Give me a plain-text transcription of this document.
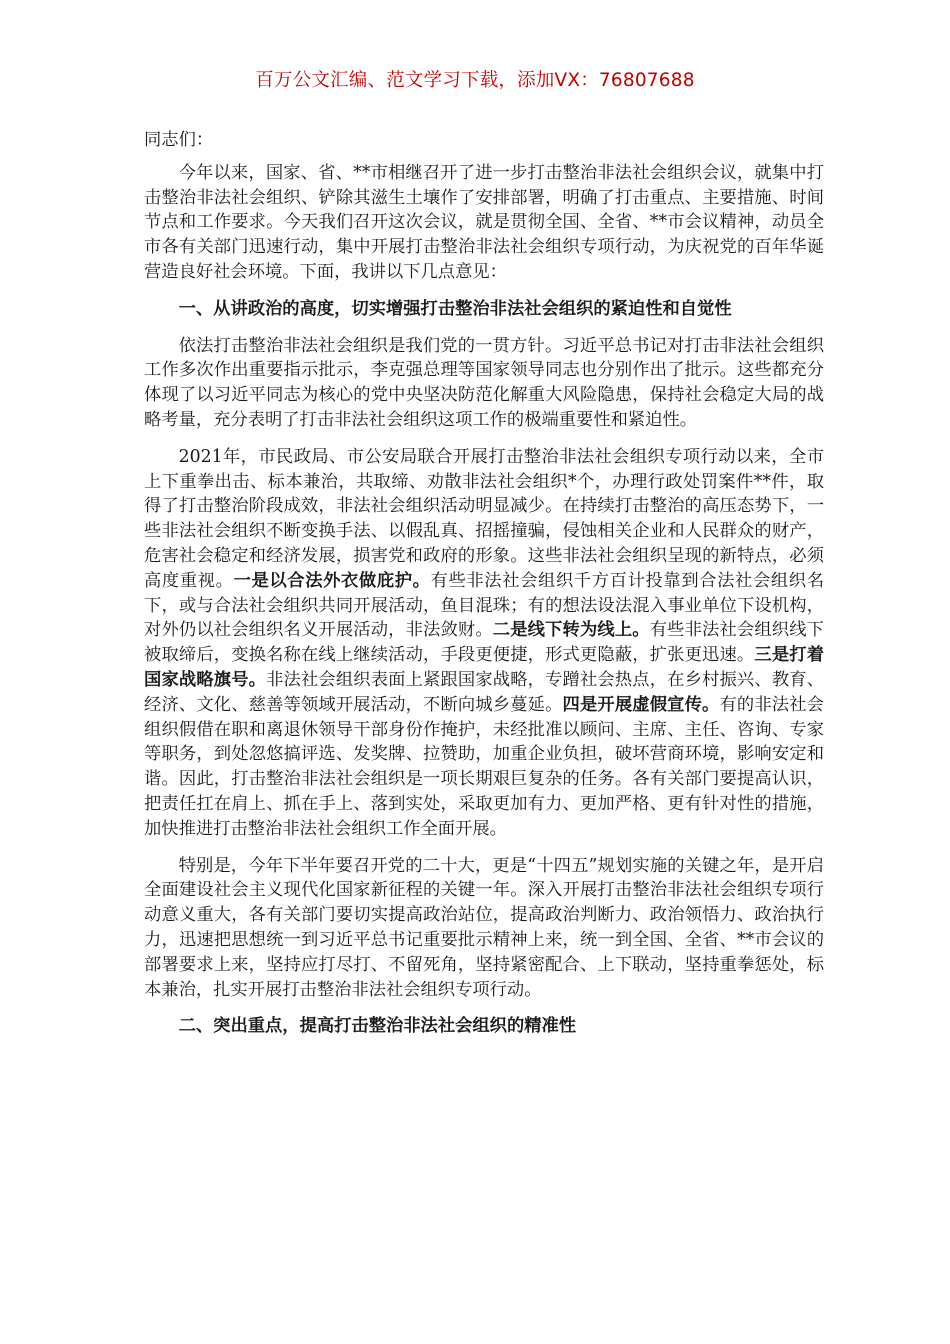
百万公文汇编、范文学习下载，添加VX：76807688

同志们：

今年以来，国家、省、**市相继召开了进一步打击整治非法社会组织会议，就集中打击整治非法社会组织、铲除其滋生土壤作了安排部署，明确了打击重点、主要措施、时间节点和工作要求。今天我们召开这次会议，就是贯彻全国、全省、**市会议精神，动员全市各有关部门迅速行动，集中开展打击整治非法社会组织专项行动，为庆祝党的百年华诞营造良好社会环境。下面，我讲以下几点意见：

一、从讲政治的高度，切实增强打击整治非法社会组织的紧迫性和自觉性

依法打击整治非法社会组织是我们党的一贯方针。习近平总书记对打击非法社会组织工作多次作出重要指示批示，李克强总理等国家领导同志也分别作出了批示。这些都充分体现了以习近平同志为核心的党中央坚决防范化解重大风险隐患，保持社会稳定大局的战略考量，充分表明了打击非法社会组织这项工作的极端重要性和紧迫性。

2021年，市民政局、市公安局联合开展打击整治非法社会组织专项行动以来，全市上下重拳出击、标本兼治，共取缔、劝散非法社会组织*个，办理行政处罚案件**件，取得了打击整治阶段成效，非法社会组织活动明显减少。在持续打击整治的高压态势下，一些非法社会组织不断变换手法、以假乱真、招摇撞骗，侵蚀相关企业和人民群众的财产，危害社会稳定和经济发展，损害党和政府的形象。这些非法社会组织呈现的新特点，必须高度重视。一是以合法外衣做庇护。有些非法社会组织千方百计投靠到合法社会组织名下，或与合法社会组织共同开展活动，鱼目混珠；有的想法设法混入事业单位下设机构，对外仍以社会组织名义开展活动，非法敛财。二是线下转为线上。有些非法社会组织线下被取缔后，变换名称在线上继续活动，手段更便捷，形式更隐蔽，扩张更迅速。三是打着国家战略旗号。非法社会组织表面上紧跟国家战略，专蹭社会热点，在乡村振兴、教育、经济、文化、慈善等领域开展活动，不断向城乡蔓延。四是开展虚假宣传。有的非法社会组织假借在职和离退休领导干部身份作掩护，未经批准以顾问、主席、主任、咨询、专家等职务，到处忽悠搞评选、发奖牌、拉赞助，加重企业负担，破坏营商环境，影响安定和谐。因此，打击整治非法社会组织是一项长期艰巨复杂的任务。各有关部门要提高认识，把责任扛在肩上、抓在手上、落到实处，采取更加有力、更加严格、更有针对性的措施，加快推进打击整治非法社会组织工作全面开展。

特别是，今年下半年要召开党的二十大，更是“十四五”规划实施的关键之年，是开启全面建设社会主义现代化国家新征程的关键一年。深入开展打击整治非法社会组织专项行动意义重大，各有关部门要切实提高政治站位，提高政治判断力、政治领悟力、政治执行力，迅速把思想统一到习近平总书记重要批示精神上来，统一到全国、全省、**市会议的部署要求上来，坚持应打尽打、不留死角，坚持紧密配合、上下联动，坚持重拳惩处，标本兼治，扎实开展打击整治非法社会组织专项行动。

二、突出重点，提高打击整治非法社会组织的精准性
